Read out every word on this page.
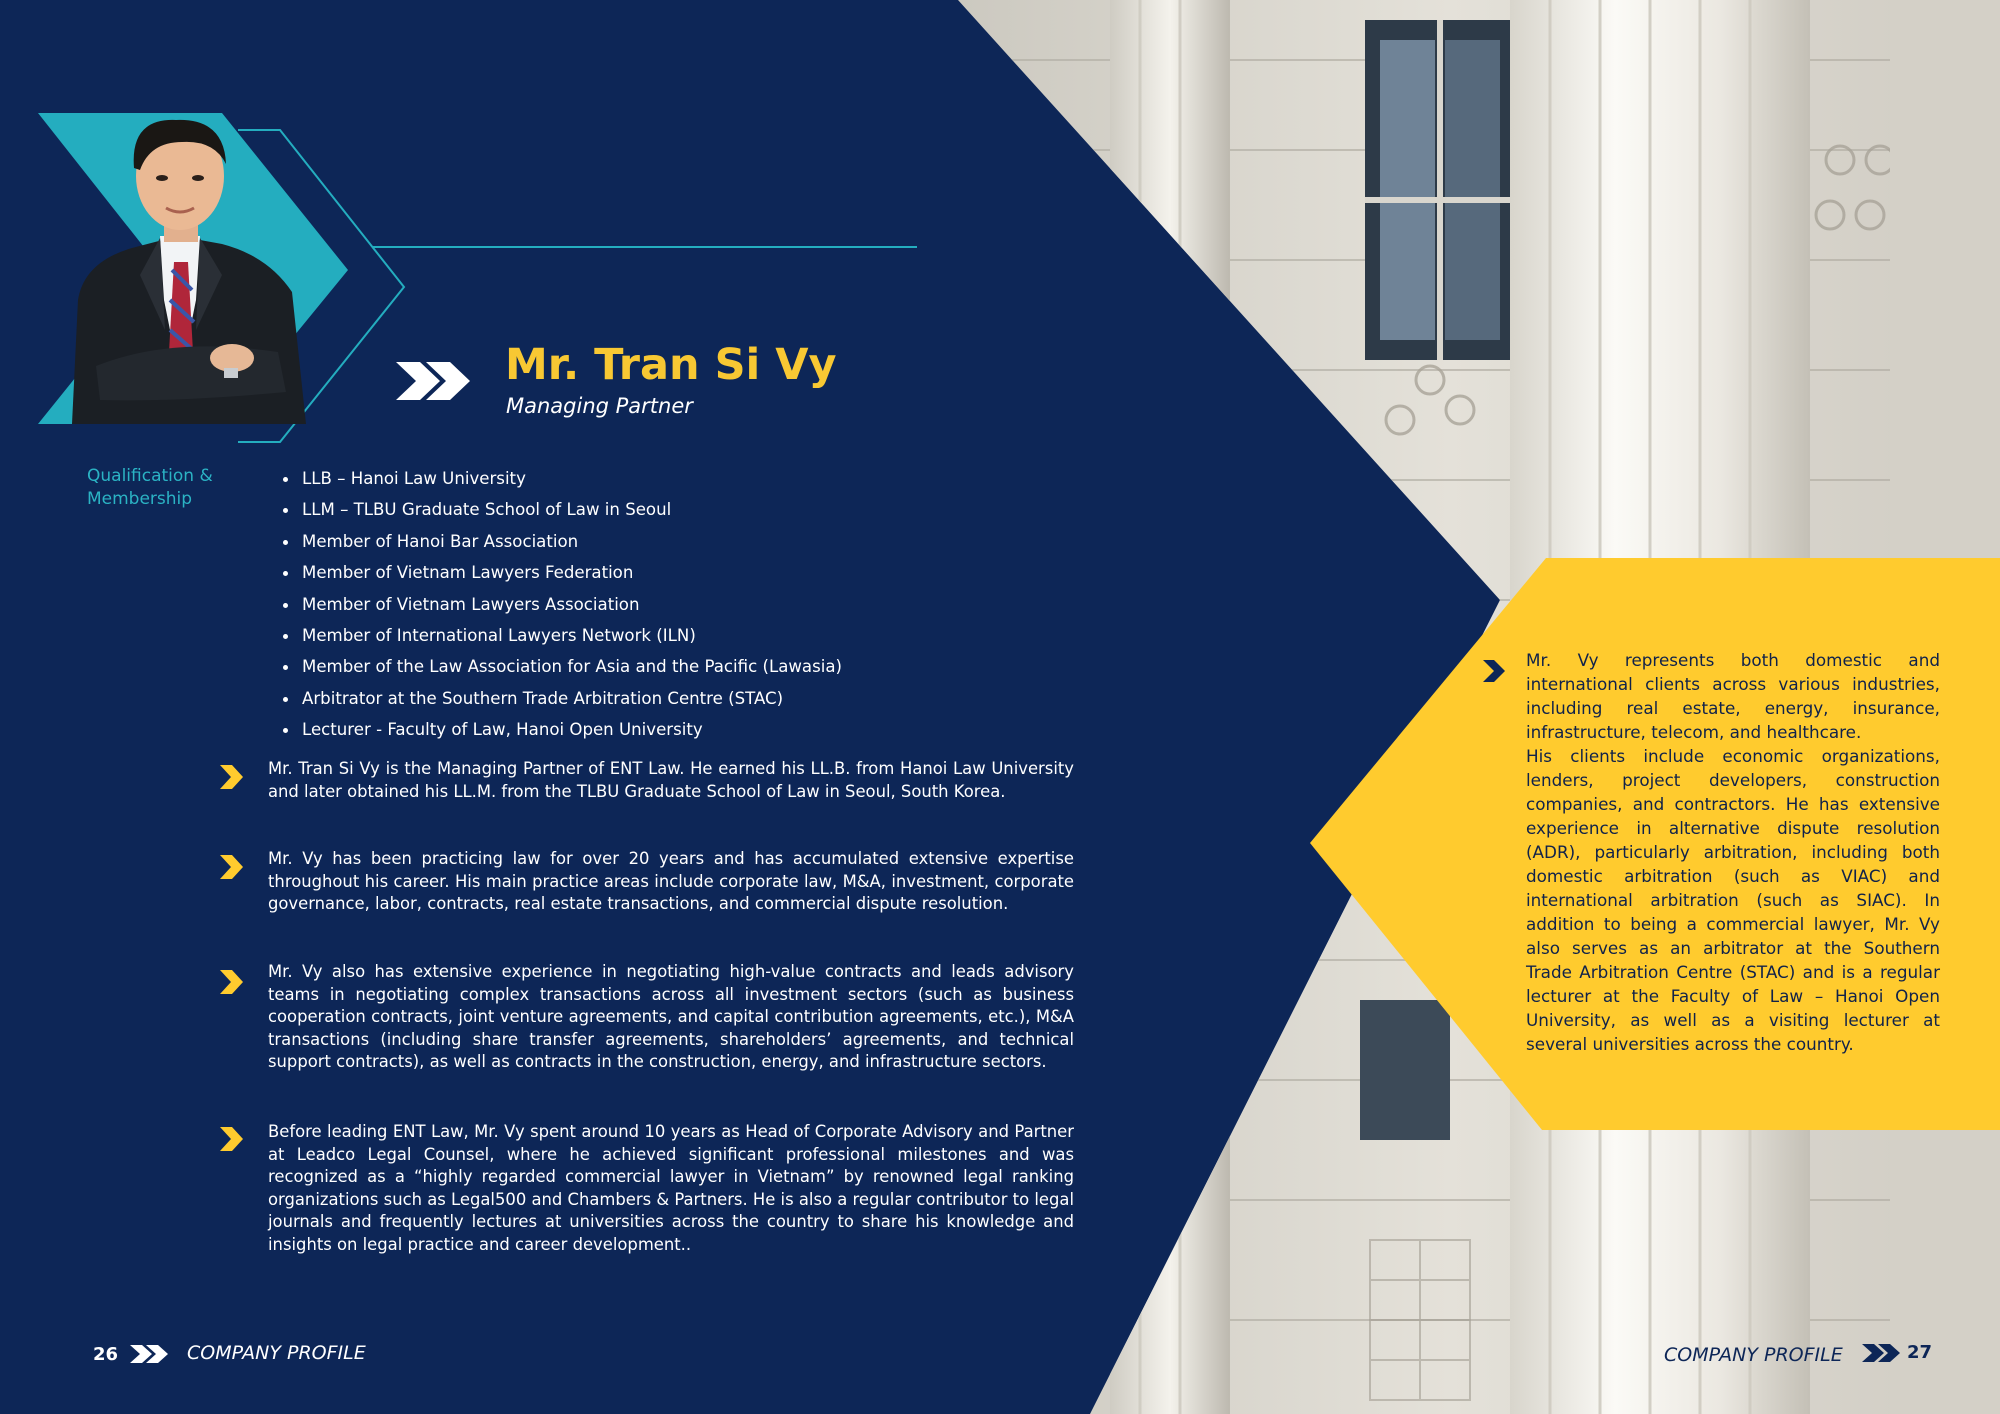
Mr. Tran Si Vy
Managing Partner
Qualification & Membership
LLB – Hanoi Law University
LLM – TLBU Graduate School of Law in Seoul
Member of Hanoi Bar Association
Member of Vietnam Lawyers Federation
Member of Vietnam Lawyers Association
Member of International Lawyers Network (ILN)
Member of the Law Association for Asia and the Pacific (Lawasia)
Arbitrator at the Southern Trade Arbitration Centre (STAC)
Lecturer - Faculty of Law, Hanoi Open University

Mr. Tran Si Vy is the Managing Partner of ENT Law. He earned his LL.B. from Hanoi Law University and later obtained his LL.M. from the TLBU Graduate School of Law in Seoul, South Korea.

Mr. Vy has been practicing law for over 20 years and has accumulated extensive expertise throughout his career. His main practice areas include corporate law, M&A, investment, corporate governance, labor, contracts, real estate transactions, and commercial dispute resolution.

Mr. Vy also has extensive experience in negotiating high-value contracts and leads advisory teams in negotiating complex transactions across all investment sectors (such as business cooperation contracts, joint venture agreements, and capital contribution agreements, etc.), M&A transactions (including share transfer agreements, shareholders’ agreements, and technical support contracts), as well as contracts in the construction, energy, and infrastructure sectors.

Before leading ENT Law, Mr. Vy spent around 10 years as Head of Corporate Advisory and Partner at Leadco Legal Counsel, where he achieved significant professional milestones and was recognized as a “highly regarded commercial lawyer in Vietnam” by renowned legal ranking organizations such as Legal500 and Chambers & Partners. He is also a regular contributor to legal journals and frequently lectures at universities across the country to share his knowledge and insights on legal practice and career development..

Mr. Vy represents both domestic and international clients across various industries, including real estate, energy, insurance, infrastructure, telecom, and healthcare.
His clients include economic organizations, lenders, project developers, construction companies, and contractors. He has extensive experience in alternative dispute resolution (ADR), particularly arbitration, including both domestic arbitration (such as VIAC) and international arbitration (such as SIAC). In addition to being a commercial lawyer, Mr. Vy also serves as an arbitrator at the Southern Trade Arbitration Centre (STAC) and is a regular lecturer at the Faculty of Law – Hanoi Open University, as well as a visiting lecturer at several universities across the country.
26	COMPANY PROFILE	COMPANY PROFILE	27
